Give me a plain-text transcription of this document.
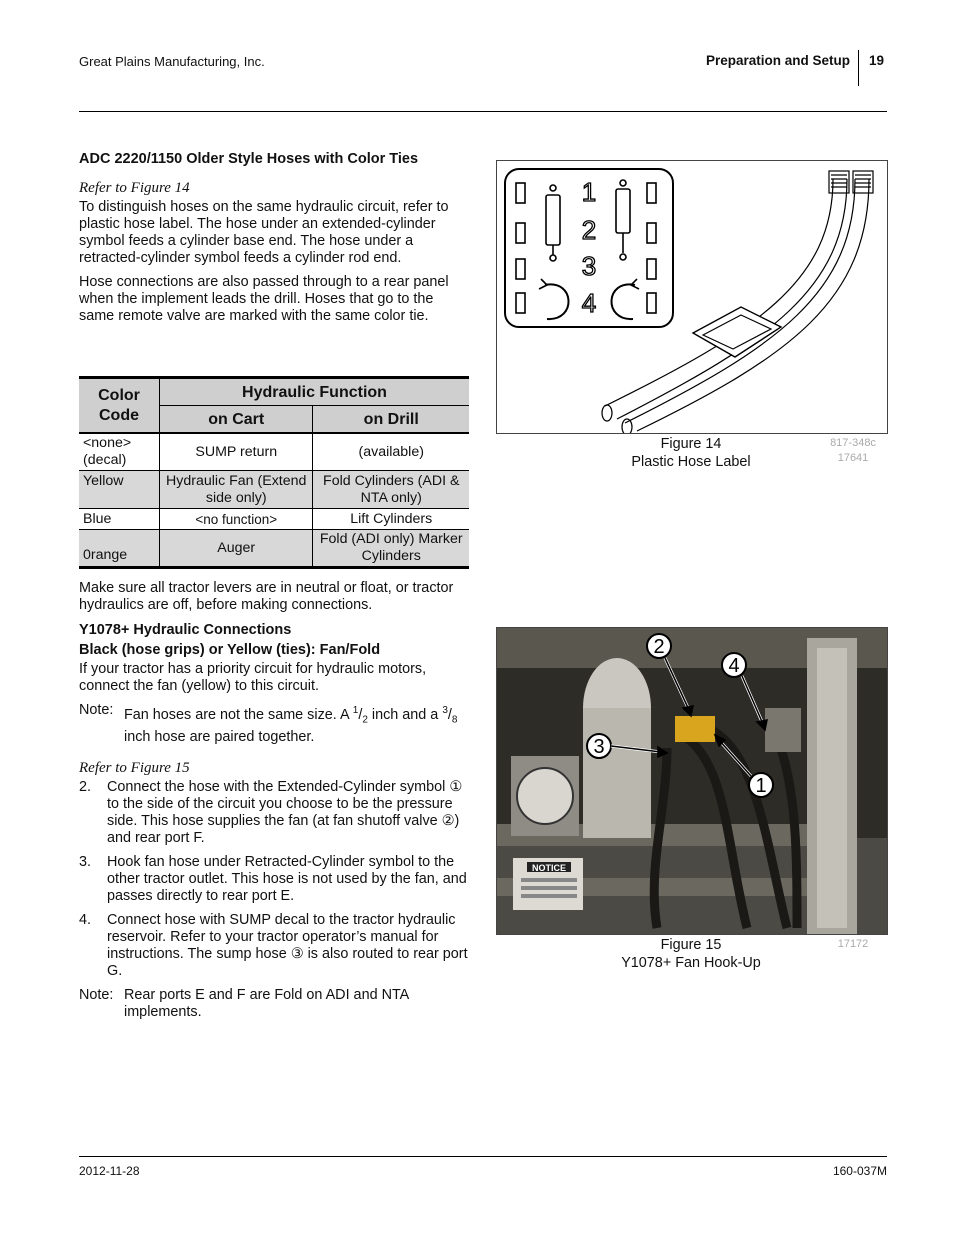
Great Plains Manufacturing, Inc.	Preparation and Setup 19
ADC 2220/1150 Older Style Hoses with Color Ties
Refer to Figure 14

To distinguish hoses on the same hydraulic circuit, refer to plastic hose label. The hose under an extended-cylinder symbol feeds a cylinder base end. The hose under a retracted-cylinder symbol feeds a cylinder rod end.

Hose connections are also passed through to a rear panel when the implement leads the drill. Hoses that go to the same remote valve are marked with the same color tie.

Color Code	Hydraulic Function	
	on Cart	on Drill
<none> (decal)	SUMP return	(available)
Yellow	Hydraulic Fan (Extend side only)	Fold Cylinders (ADI & NTA only)
Blue	<no function>	Lift Cylinders
0range	Auger	Fold (ADI only) Marker Cylinders

Make sure all tractor levers are in neutral or float, or tractor hydraulics are off, before making connections.

Y1078+ Hydraulic Connections
Black (hose grips) or Yellow (ties): Fan/Fold

If your tractor has a priority circuit for hydraulic motors, connect the fan (yellow) to this circuit.

Note: Fan hoses are not the same size. A $^1/_2$ inch and a $^3/_8$ inch hose are paired together.
Refer to Figure 15
2.	Connect the hose with the Extended-Cylinder symbol ① to the side of the circuit you choose to be the pressure side. This hose supplies the fan (at fan shutoff valve ②) and rear port F.
3.	Hook fan hose under Retracted-Cylinder symbol to the other tractor outlet. This hose is not used by the fan, and passes directly to rear port E.
4.	Connect hose with SUMP decal to the tractor hydraulic reservoir. Refer to your tractor operator’s manual for instructions. The sump hose ③ is also routed to rear port G.
Note: Rear ports E and F are Fold on ADI and NTA implements.
1
2
3
4
Figure 14
Plastic Hose Label
817-348c
17641
NOTICE
2
4
3
1
Figure 15
Y1078+ Fan Hook-Up
17172
2012-11-28	160-037M
